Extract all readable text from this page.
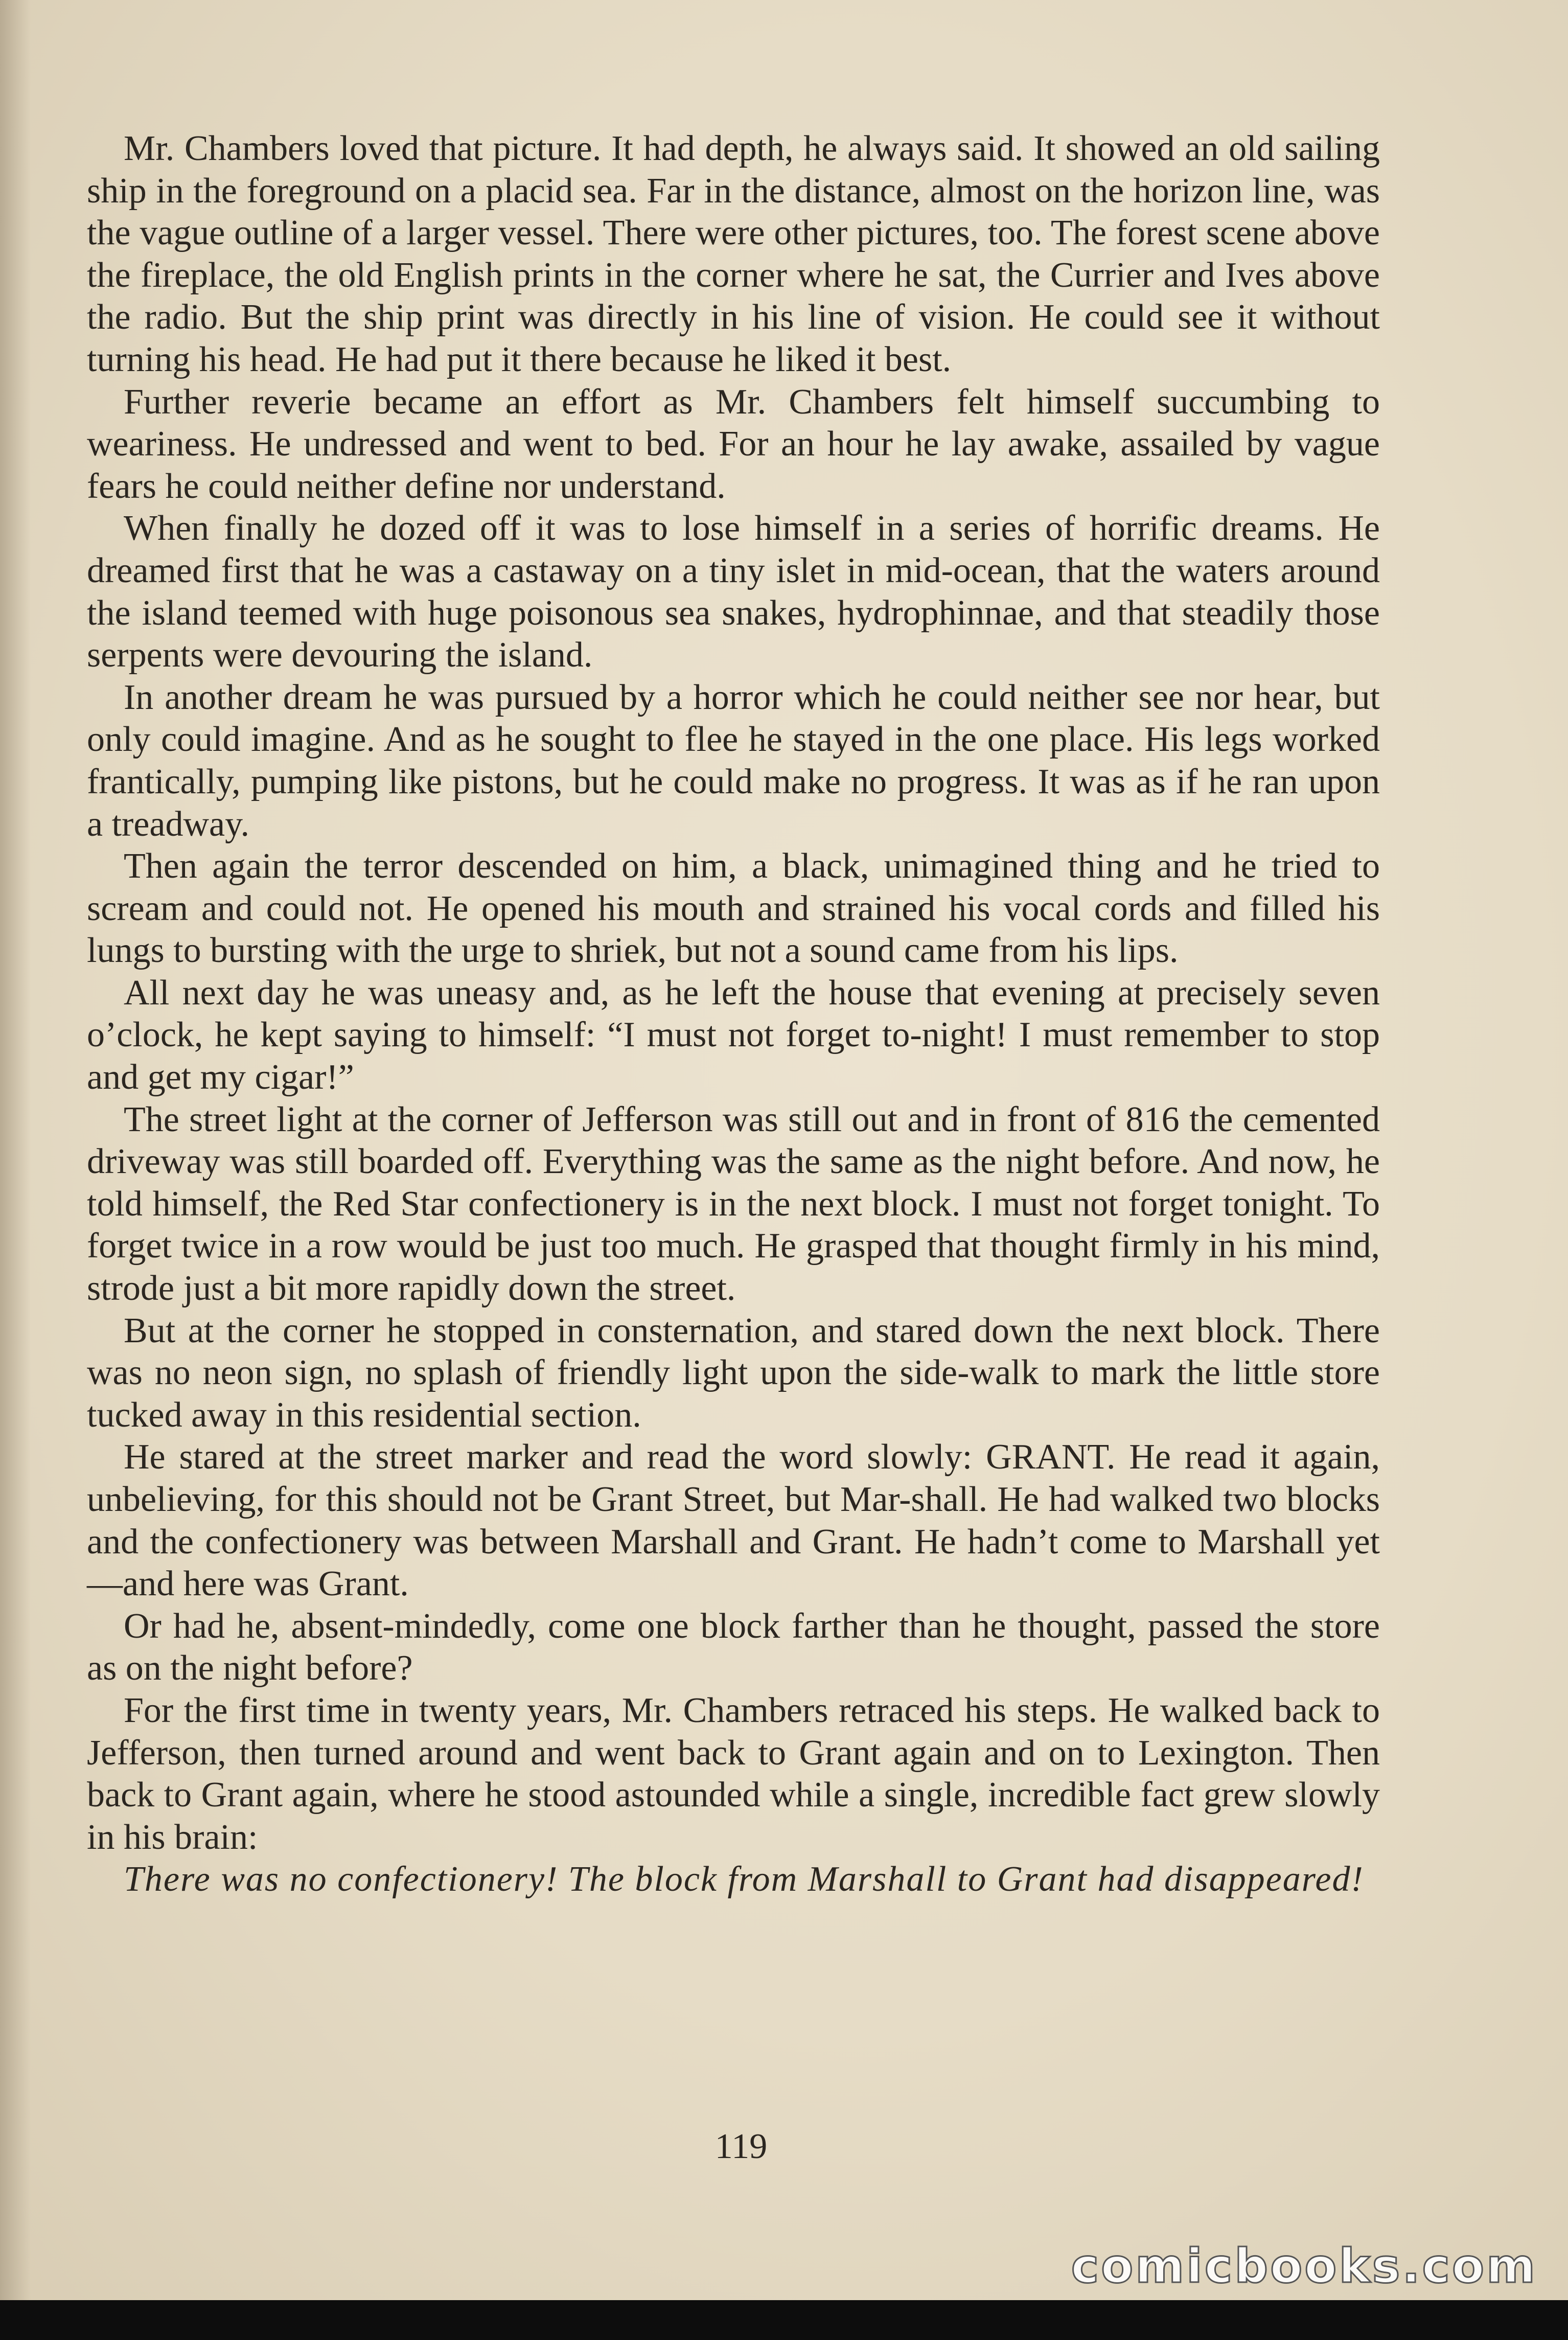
Mr. Chambers loved that picture. It had depth, he always said. It showed an old sailing ship in the foreground on a placid sea. Far in the distance, almost on the horizon line, was the vague outline of a larger vessel. There were other pictures, too. The forest scene above the fireplace, the old English prints in the corner where he sat, the Currier and Ives above the radio. But the ship print was directly in his line of vision. He could see it without turning his head. He had put it there because he liked it best.

Further reverie became an effort as Mr. Chambers felt himself succumbing to weariness. He undressed and went to bed. For an hour he lay awake, assailed by vague fears he could neither define nor understand.

When finally he dozed off it was to lose himself in a series of horrific dreams. He dreamed first that he was a castaway on a tiny islet in mid-ocean, that the waters around the island teemed with huge poisonous sea snakes, hydrophinnae, and that steadily those serpents were devouring the island.

In another dream he was pursued by a horror which he could neither see nor hear, but only could imagine. And as he sought to flee he stayed in the one place. His legs worked frantically, pumping like pistons, but he could make no progress. It was as if he ran upon a treadway.

Then again the terror descended on him, a black, unimagined thing and he tried to scream and could not. He opened his mouth and strained his vocal cords and filled his lungs to bursting with the urge to shriek, but not a sound came from his lips.

All next day he was uneasy and, as he left the house that evening at precisely seven o’clock, he kept saying to himself: “I must not forget to-night! I must remember to stop and get my cigar!”

The street light at the corner of Jefferson was still out and in front of 816 the cemented driveway was still boarded off. Everything was the same as the night before. And now, he told himself, the Red Star confectionery is in the next block. I must not forget tonight. To forget twice in a row would be just too much. He grasped that thought firmly in his mind, strode just a bit more rapidly down the street.

But at the corner he stopped in consternation, and stared down the next block. There was no neon sign, no splash of friendly light upon the side-walk to mark the little store tucked away in this residential section.

He stared at the street marker and read the word slowly: GRANT. He read it again, unbelieving, for this should not be Grant Street, but Mar-shall. He had walked two blocks and the confectionery was between Marshall and Grant. He hadn’t come to Marshall yet—and here was Grant.

Or had he, absent-mindedly, come one block farther than he thought, passed the store as on the night before?

For the first time in twenty years, Mr. Chambers retraced his steps. He walked back to Jefferson, then turned around and went back to Grant again and on to Lexington. Then back to Grant again, where he stood astounded while a single, incredible fact grew slowly in his brain:

There was no confectionery! The block from Marshall to Grant had disappeared!

119
comicbooks.com
